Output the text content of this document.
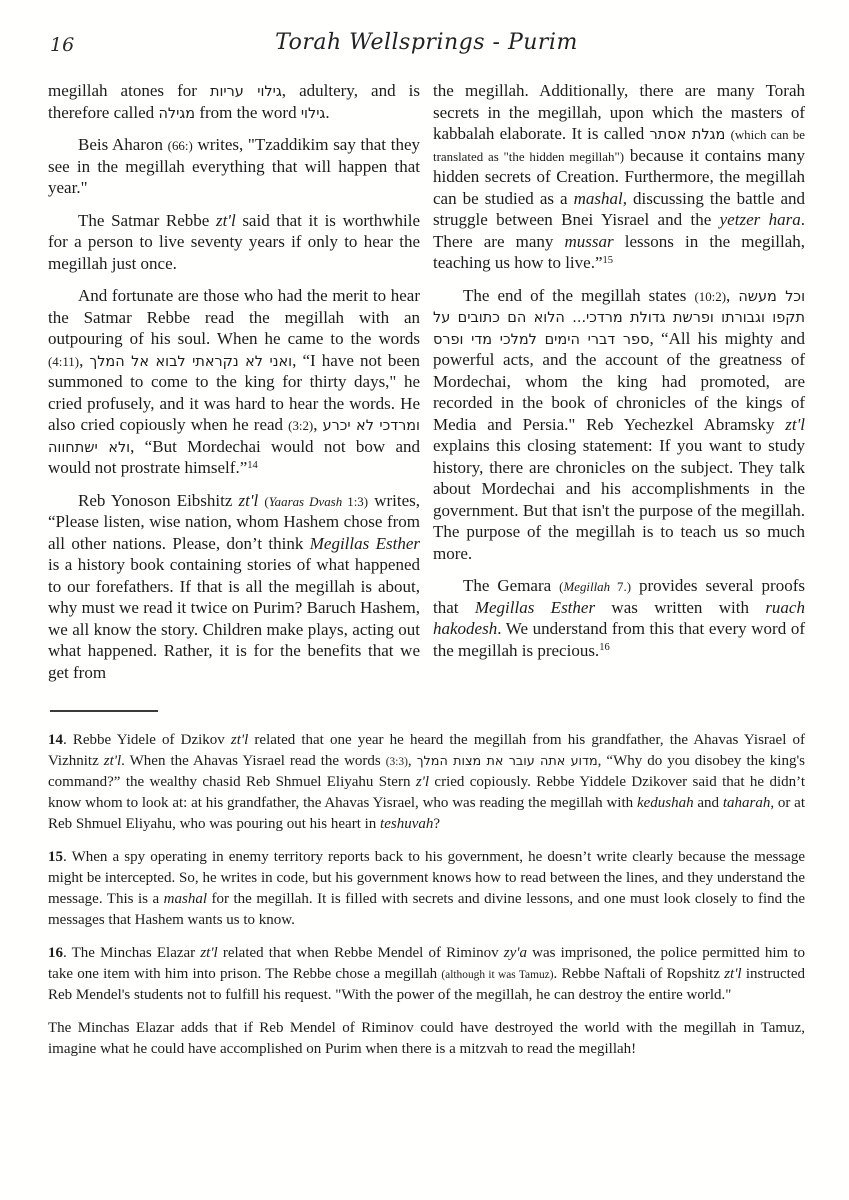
16	Torah Wellsprings - Purim

megillah atones for גילוי עריות, adultery, and is therefore called מגילה from the word גילוי.

Beis Aharon (66:) writes, "Tzaddikim say that they see in the megillah everything that will happen that year."

The Satmar Rebbe zt'l said that it is worthwhile for a person to live seventy years if only to hear the megillah just once.

And fortunate are those who had the merit to hear the Satmar Rebbe read the megillah with an outpouring of his soul. When he came to the words (4:11), ואני לא נקראתי לבוא אל המלך, “I have not been summoned to come to the king for thirty days," he cried profusely, and it was hard to hear the words. He also cried copiously when he read (3:2), ומרדכי לא יכרע ולא ישתחווה, “But Mordechai would not bow and would not prostrate himself.”$^{14}$

Reb Yonoson Eibshitz zt'l (Yaaras Dvash 1:3) writes, “Please listen, wise nation, whom Hashem chose from all other nations. Please, don’t think Megillas Esther is a history book containing stories of what happened to our forefathers. If that is all the megillah is about, why must we read it twice on Purim? Baruch Hashem, we all know the story. Children make plays, acting out what happened. Rather, it is for the benefits that we get from

the megillah. Additionally, there are many Torah secrets in the megillah, upon which the masters of kabbalah elaborate. It is called מגלת אסתר (which can be translated as "the hidden megillah") because it contains many hidden secrets of Creation. Furthermore, the megillah can be studied as a mashal, discussing the battle and struggle between Bnei Yisrael and the yetzer hara. There are many mussar lessons in the megillah, teaching us how to live.”$^{15}$

The end of the megillah states (10:2), וכל מעשה תקפו וגבורתו ופרשת גדולת מרדכי... הלוא הם כתובים על ספר דברי הימים למלכי מדי ופרס, “All his mighty and powerful acts, and the account of the greatness of Mordechai, whom the king had promoted, are recorded in the book of chronicles of the kings of Media and Persia." Reb Yechezkel Abramsky zt'l explains this closing statement: If you want to study history, there are chronicles on the subject. They talk about Mordechai and his accomplishments in the government. But that isn't the purpose of the megillah. The purpose of the megillah is to teach us so much more.

The Gemara (Megillah 7.) provides several proofs that Megillas Esther was written with ruach hakodesh. We understand from this that every word of the megillah is precious.$^{16}$

14. Rebbe Yidele of Dzikov zt'l related that one year he heard the megillah from his grandfather, the Ahavas Yisrael of Vizhnitz zt'l. When the Ahavas Yisrael read the words (3:3), מדוע אתה עובר את מצות המלך, “Why do you disobey the king's command?” the wealthy chasid Reb Shmuel Eliyahu Stern z'l cried copiously. Rebbe Yiddele Dzikover said that he didn’t know whom to look at: at his grandfather, the Ahavas Yisrael, who was reading the megillah with kedushah and taharah, or at Reb Shmuel Eliyahu, who was pouring out his heart in teshuvah?

15. When a spy operating in enemy territory reports back to his government, he doesn’t write clearly because the message might be intercepted. So, he writes in code, but his government knows how to read between the lines, and they understand the message. This is a mashal for the megillah. It is filled with secrets and divine lessons, and one must look closely to find the messages that Hashem wants us to know.

16. The Minchas Elazar zt'l related that when Rebbe Mendel of Riminov zy'a was imprisoned, the police permitted him to take one item with him into prison. The Rebbe chose a megillah (although it was Tamuz). Rebbe Naftali of Ropshitz zt'l instructed Reb Mendel's students not to fulfill his request. "With the power of the megillah, he can destroy the entire world."

The Minchas Elazar adds that if Reb Mendel of Riminov could have destroyed the world with the megillah in Tamuz, imagine what he could have accomplished on Purim when there is a mitzvah to read the megillah!
